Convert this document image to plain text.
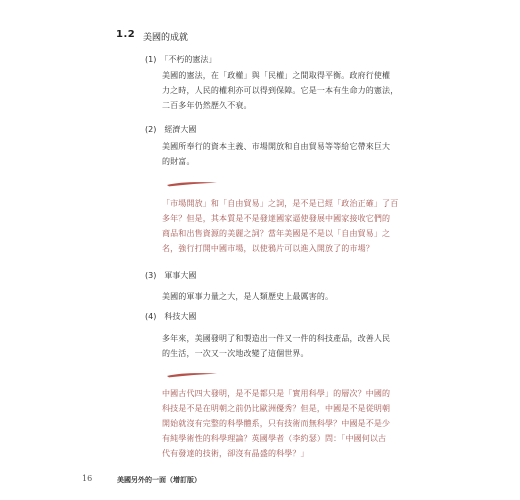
1.2 美國的成就
(1)　「不朽的憲法」
美國的憲法，在「政權」與「民權」之間取得平衡。政府行使權
力之時，人民的權利亦可以得到保障。它是一本有生命力的憲法，
二百多年仍然歷久不衰。
(2)　經濟大國
美國所奉行的資本主義、市場開放和自由貿易等等給它帶來巨大
的財富。
「市場開放」和「自由貿易」之詞，是不是已經「政治正確」了百
多年？但是，其本質是不是發達國家逼使發展中國家接收它們的
商品和出售資源的美麗之詞？當年美國是不是以「自由貿易」之
名，強行打開中國市場，以使鴉片可以進入開放了的市場？
(3)　軍事大國
美國的軍事力量之大，是人類歷史上最厲害的。
(4)　科技大國
多年來，美國發明了和製造出一件又一件的科技產品，改善人民
的生活，一次又一次地改變了這個世界。
中國古代四大發明，是不是都只是「實用科學」的層次？中國的
科技是不是在明朝之前仍比歐洲優秀？但是，中國是不是從明朝
開始就沒有完整的科學體系，只有技術而無科學？中國是不是少
有純學術性的科學理論？英國學者（李約瑟）問：「中國何以古
代有發達的技術，卻沒有晶盛的科學？」
16	美國另外的一面（增訂版）
